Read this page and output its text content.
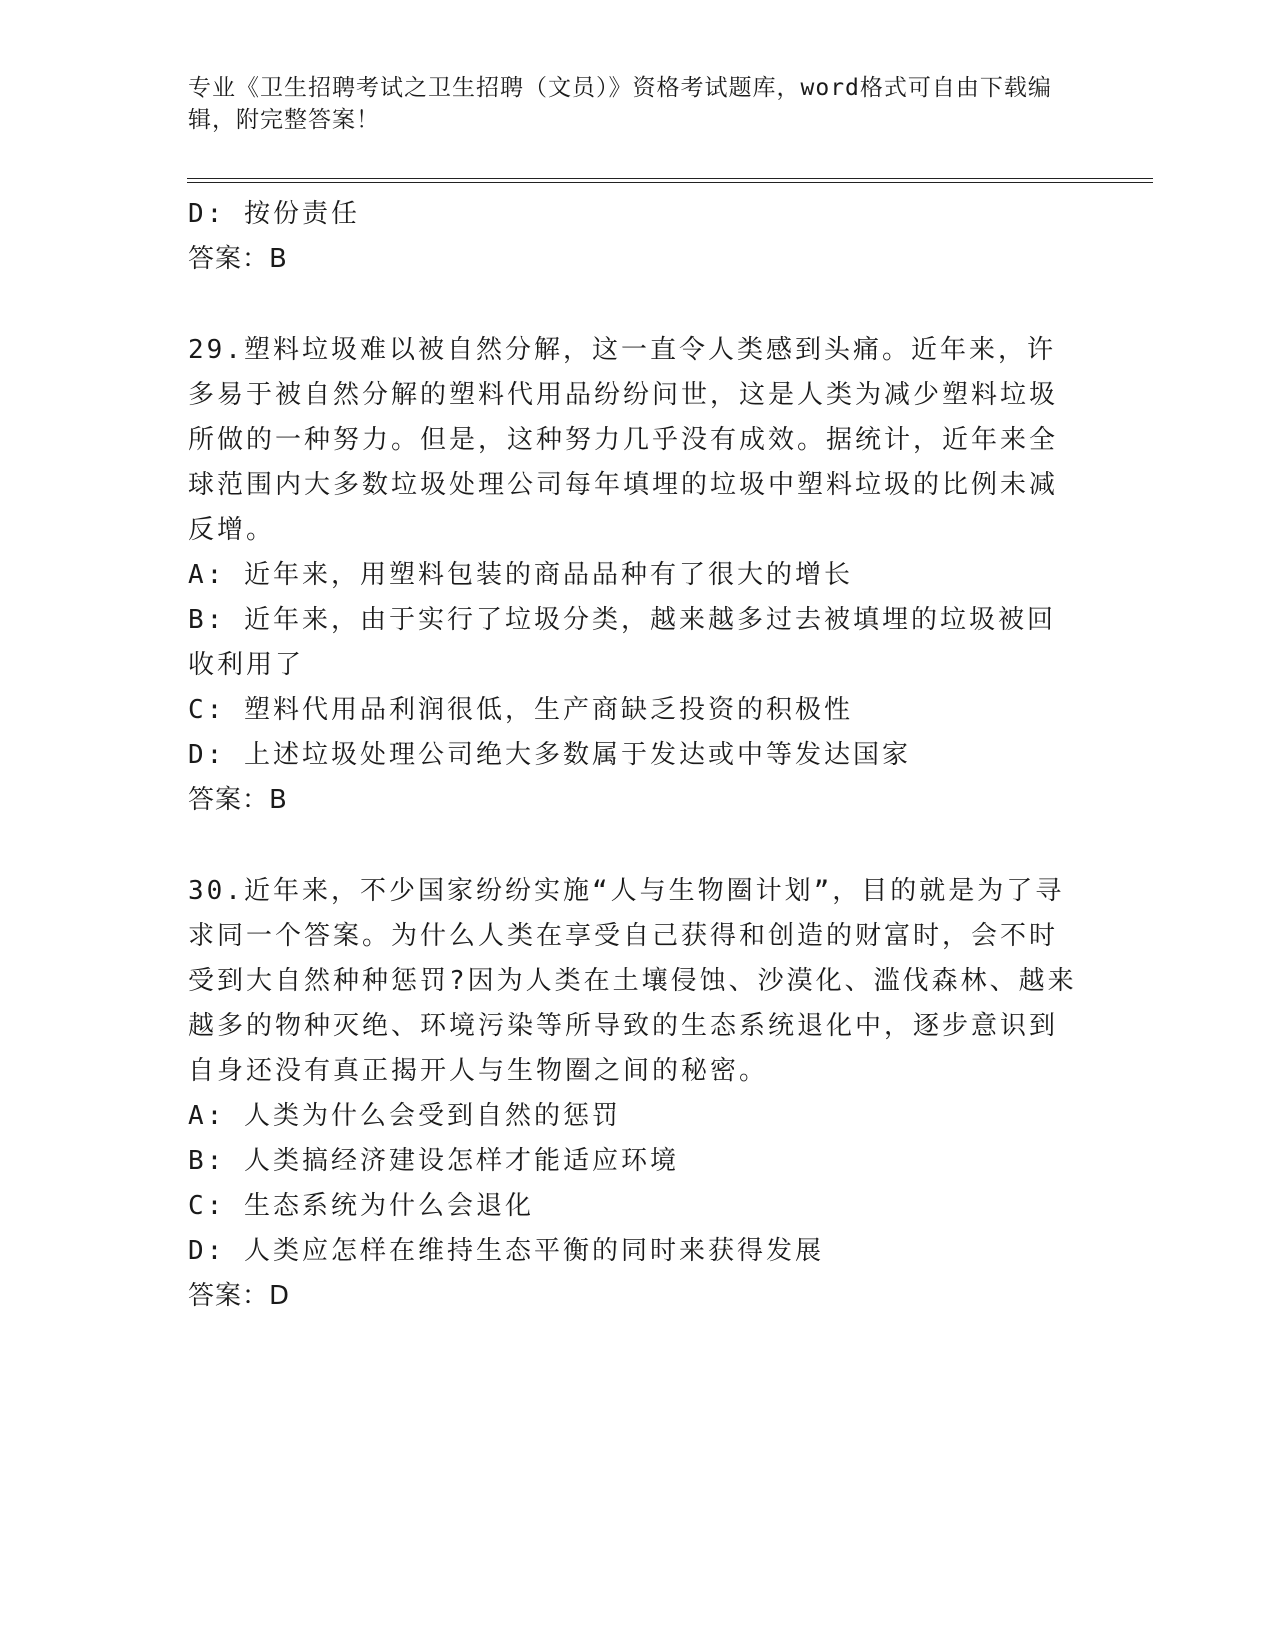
专业《卫生招聘考试之卫生招聘（文员）》资格考试题库，word格式可自由下载编辑，附完整答案！
D: 按份责任
答案：B
29.塑料垃圾难以被自然分解，这一直令人类感到头痛。近年来，许多易于被自然分解的塑料代用品纷纷问世，这是人类为减少塑料垃圾所做的一种努力。但是，这种努力几乎没有成效。据统计，近年来全球范围内大多数垃圾处理公司每年填埋的垃圾中塑料垃圾的比例未减反增。
A: 近年来，用塑料包装的商品品种有了很大的增长
B: 近年来，由于实行了垃圾分类，越来越多过去被填埋的垃圾被回收利用了
C: 塑料代用品利润很低，生产商缺乏投资的积极性
D: 上述垃圾处理公司绝大多数属于发达或中等发达国家
答案：B
30.近年来，不少国家纷纷实施“人与生物圈计划”，目的就是为了寻求同一个答案。为什么人类在享受自己获得和创造的财富时，会不时受到大自然种种惩罚?因为人类在土壤侵蚀、沙漠化、滥伐森林、越来越多的物种灭绝、环境污染等所导致的生态系统退化中，逐步意识到自身还没有真正揭开人与生物圈之间的秘密。
A: 人类为什么会受到自然的惩罚
B: 人类搞经济建设怎样才能适应环境
C: 生态系统为什么会退化
D: 人类应怎样在维持生态平衡的同时来获得发展
答案：D
